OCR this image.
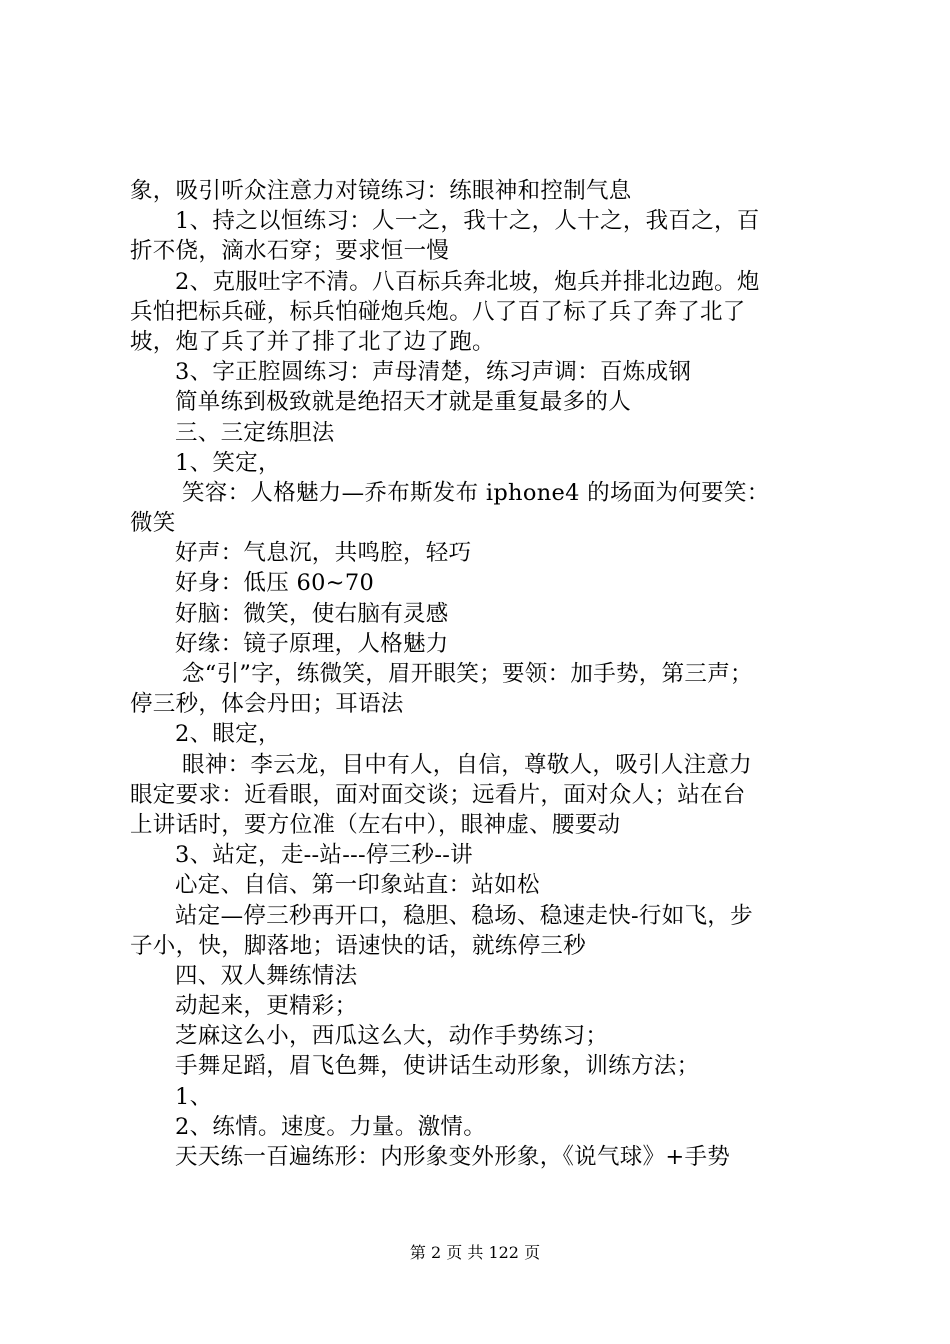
象，吸引听众注意力对镜练习：练眼神和控制气息
1、持之以恒练习：人一之，我十之，人十之，我百之，百
折不侥，滴水石穿；要求恒一慢
2、克服吐字不清。八百标兵奔北坡，炮兵并排北边跑。炮
兵怕把标兵碰，标兵怕碰炮兵炮。八了百了标了兵了奔了北了
坡，炮了兵了并了排了北了边了跑。
3、字正腔圆练习：声母清楚，练习声调：百炼成钢
简单练到极致就是绝招天才就是重复最多的人
三、三定练胆法
1、笑定，
笑容：人格魅力—乔布斯发布 iphone4 的场面为何要笑：
微笑
好声：气息沉，共鸣腔，轻巧
好身：低压 60~70
好脑：微笑，使右脑有灵感
好缘：镜子原理，人格魅力
念“引”字，练微笑，眉开眼笑；要领：加手势，第三声；
停三秒，体会丹田；耳语法
2、眼定，
眼神：李云龙，目中有人，自信，尊敬人，吸引人注意力
眼定要求：近看眼，面对面交谈；远看片，面对众人；站在台
上讲话时，要方位准（左右中），眼神虚、腰要动
3、站定，走--站---停三秒--讲
心定、自信、第一印象站直：站如松
站定—停三秒再开口，稳胆、稳场、稳速走快-行如飞，步
子小，快，脚落地；语速快的话，就练停三秒
四、双人舞练情法
动起来，更精彩；
芝麻这么小，西瓜这么大，动作手势练习；
手舞足蹈，眉飞色舞，使讲话生动形象，训练方法；
1、
2、练情。速度。力量。激情。
天天练一百遍练形：内形象变外形象，《说气球》+手势
第 2 页 共 122 页
